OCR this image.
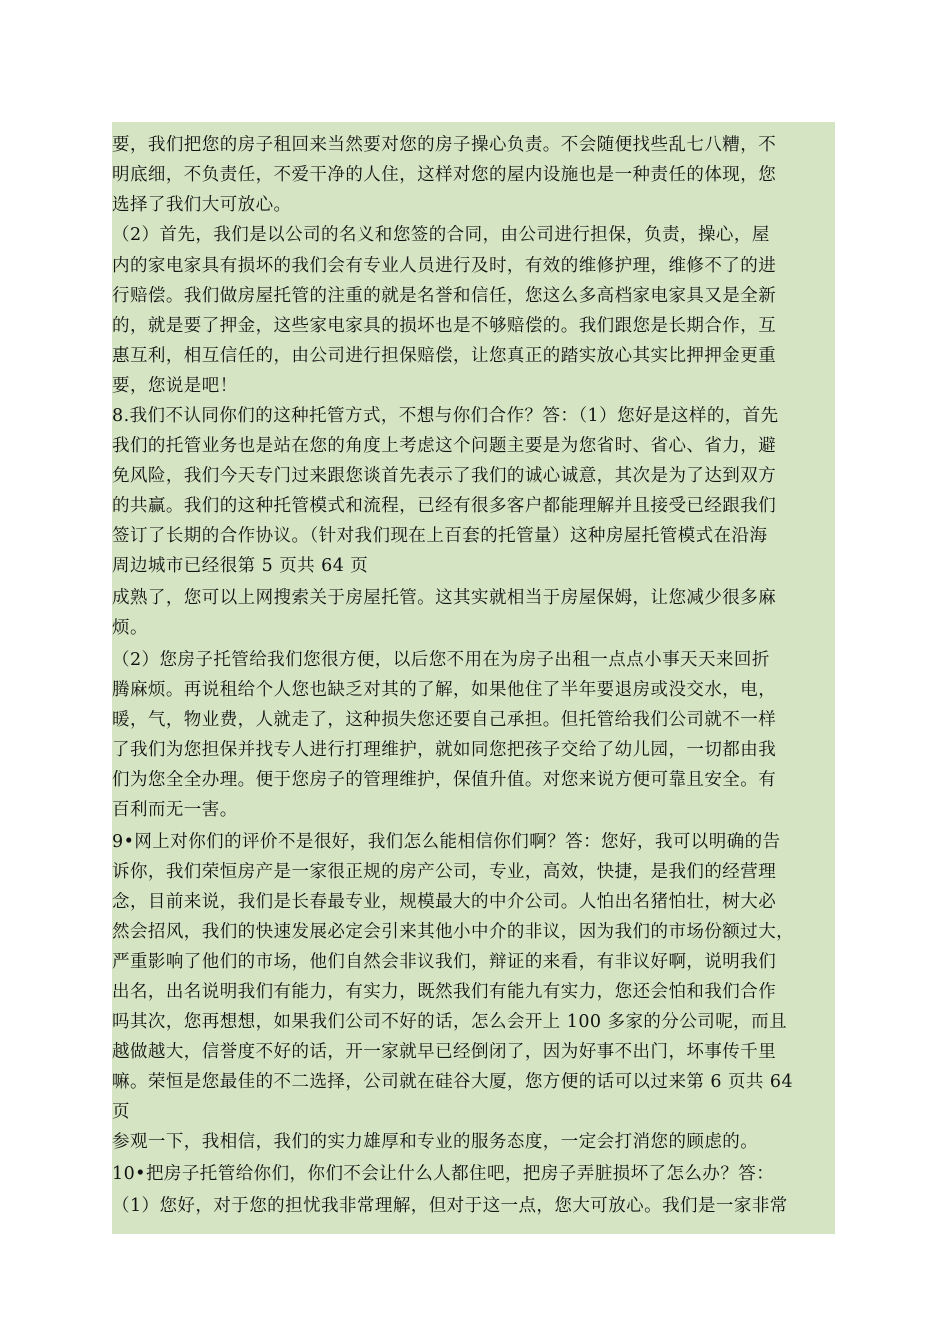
要，我们把您的房子租回来当然要对您的房子操心负责。不会随便找些乱七八糟，不
明底细，不负责任，不爱干净的人住，这样对您的屋内设施也是一种责任的体现，您
选择了我们大可放心。
（2）首先，我们是以公司的名义和您签的合同，由公司进行担保，负责，操心，屋
内的家电家具有损坏的我们会有专业人员进行及时，有效的维修护理，维修不了的进
行赔偿。我们做房屋托管的注重的就是名誉和信任，您这么多高档家电家具又是全新
的，就是要了押金，这些家电家具的损坏也是不够赔偿的。我们跟您是长期合作，互
惠互利，相互信任的，由公司进行担保赔偿，让您真正的踏实放心其实比押押金更重
要，您说是吧！
8.我们不认同你们的这种托管方式，不想与你们合作？答：（1）您好是这样的，首先
我们的托管业务也是站在您的角度上考虑这个问题主要是为您省时、省心、省力，避
免风险，我们今天专门过来跟您谈首先表示了我们的诚心诚意，其次是为了达到双方
的共赢。我们的这种托管模式和流程，已经有很多客户都能理解并且接受已经跟我们
签订了长期的合作协议。（针对我们现在上百套的托管量）这种房屋托管模式在沿海
周边城市已经很第 5 页共 64 页
成熟了，您可以上网搜索关于房屋托管。这其实就相当于房屋保姆，让您减少很多麻
烦。
（2）您房子托管给我们您很方便，以后您不用在为房子出租一点点小事天天来回折
腾麻烦。再说租给个人您也缺乏对其的了解，如果他住了半年要退房或没交水，电，
暖，气，物业费，人就走了，这种损失您还要自己承担。但托管给我们公司就不一样
了我们为您担保并找专人进行打理维护，就如同您把孩子交给了幼儿园，一切都由我
们为您全全办理。便于您房子的管理维护，保值升值。对您来说方便可靠且安全。有
百利而无一害。
9•网上对你们的评价不是很好，我们怎么能相信你们啊？答：您好，我可以明确的告
诉你，我们荣恒房产是一家很正规的房产公司，专业，高效，快捷，是我们的经营理
念，目前来说，我们是长春最专业，规模最大的中介公司。人怕出名猪怕壮，树大必
然会招风，我们的快速发展必定会引来其他小中介的非议，因为我们的市场份额过大，
严重影响了他们的市场，他们自然会非议我们，辩证的来看，有非议好啊，说明我们
出名，出名说明我们有能力，有实力，既然我们有能九有实力，您还会怕和我们合作
吗其次，您再想想，如果我们公司不好的话，怎么会开上 100 多家的分公司呢，而且
越做越大，信誉度不好的话，开一家就早已经倒闭了，因为好事不出门，坏事传千里
嘛。荣恒是您最佳的不二选择，公司就在硅谷大厦，您方便的话可以过来第 6 页共 64
页
参观一下，我相信，我们的实力雄厚和专业的服务态度，一定会打消您的顾虑的。
10•把房子托管给你们，你们不会让什么人都住吧，把房子弄脏损坏了怎么办？答：
（1）您好，对于您的担忧我非常理解，但对于这一点，您大可放心。我们是一家非常
